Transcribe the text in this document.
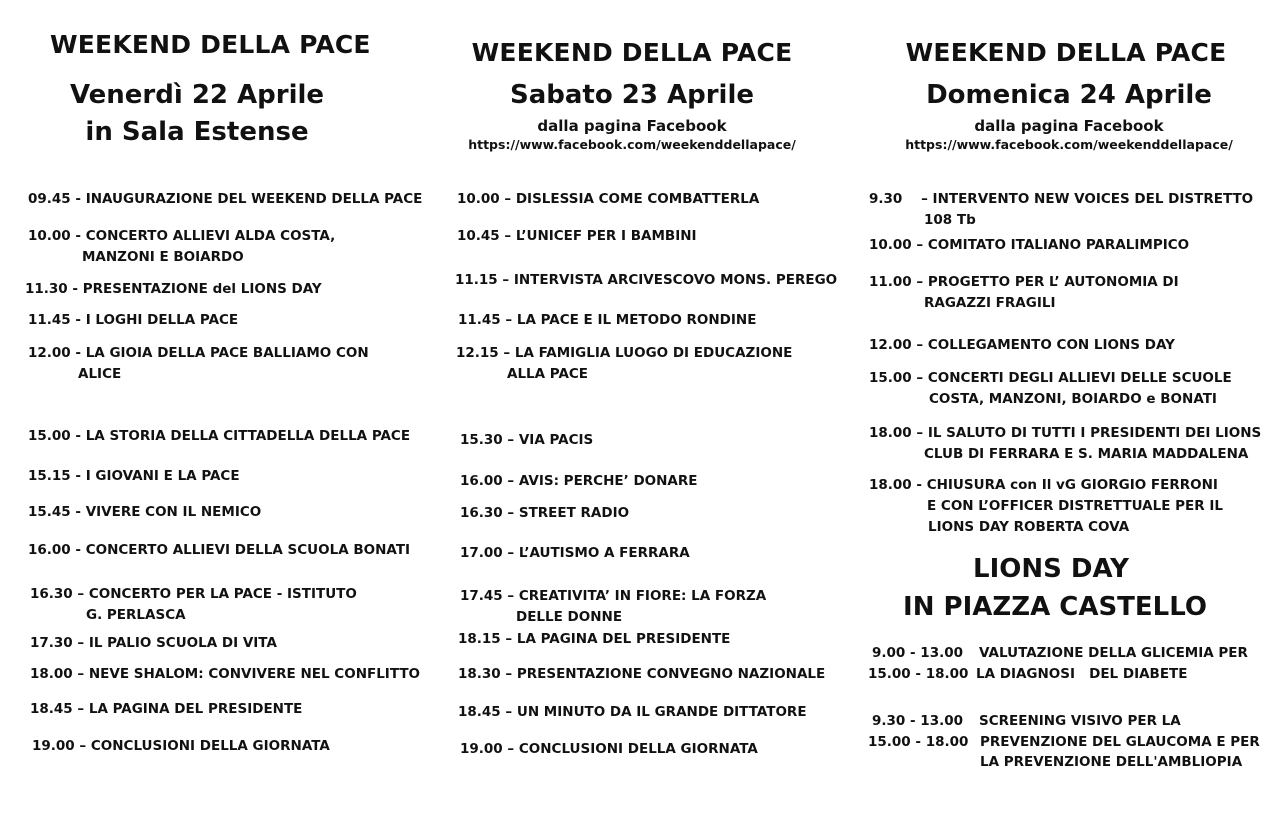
WEEKEND DELLA PACE
Venerdì 22 Aprile
in Sala Estense
09.45 - INAUGURAZIONE DEL WEEKEND DELLA PACE
10.00 - CONCERTO ALLIEVI ALDA COSTA,
MANZONI E BOIARDO
11.30 - PRESENTAZIONE del LIONS DAY
11.45 - I LOGHI DELLA PACE
12.00 - LA GIOIA DELLA PACE BALLIAMO CON
ALICE
15.00 - LA STORIA DELLA CITTADELLA DELLA PACE
15.15 - I GIOVANI E LA PACE
15.45 - VIVERE CON IL NEMICO
16.00 - CONCERTO ALLIEVI DELLA SCUOLA BONATI
16.30 – CONCERTO PER LA PACE - ISTITUTO
G. PERLASCA
17.30 – IL PALIO SCUOLA DI VITA
18.00 – NEVE SHALOM: CONVIVERE NEL CONFLITTO
18.45 – LA PAGINA DEL PRESIDENTE
19.00 – CONCLUSIONI DELLA GIORNATA
WEEKEND DELLA PACE
Sabato 23 Aprile
dalla pagina Facebook
https://www.facebook.com/weekenddellapace/
10.00 – DISLESSIA COME COMBATTERLA
10.45 – L’UNICEF PER I BAMBINI
11.15 – INTERVISTA ARCIVESCOVO MONS. PEREGO
11.45 – LA PACE E IL METODO RONDINE
12.15 – LA FAMIGLIA LUOGO DI EDUCAZIONE
ALLA PACE
15.30 – VIA PACIS
16.00 – AVIS: PERCHE’ DONARE
16.30 – STREET RADIO
17.00 – L’AUTISMO A FERRARA
17.45 – CREATIVITA’ IN FIORE: LA FORZA
DELLE DONNE
18.15 – LA PAGINA DEL PRESIDENTE
18.30 – PRESENTAZIONE CONVEGNO NAZIONALE
18.45 – UN MINUTO DA IL GRANDE DITTATORE
19.00 – CONCLUSIONI DELLA GIORNATA
WEEKEND DELLA PACE
Domenica 24 Aprile
dalla pagina Facebook
https://www.facebook.com/weekenddellapace/
9.30    – INTERVENTO NEW VOICES DEL DISTRETTO
108 Tb
10.00 – COMITATO ITALIANO PARALIMPICO
11.00 – PROGETTO PER L’ AUTONOMIA DI
RAGAZZI FRAGILI
12.00 – COLLEGAMENTO CON LIONS DAY
15.00 – CONCERTI DEGLI ALLIEVI DELLE SCUOLE
COSTA, MANZONI, BOIARDO e BONATI
18.00 – IL SALUTO DI TUTTI I PRESIDENTI DEI LIONS
CLUB DI FERRARA E S. MARIA MADDALENA
18.00 - CHIUSURA con Il vG GIORGIO FERRONI
E CON L’OFFICER DISTRETTUALE PER IL
LIONS DAY ROBERTA COVA
LIONS DAY
IN PIAZZA CASTELLO
9.00 - 13.00
15.00 - 18.00
VALUTAZIONE DELLA GLICEMIA PER
LA DIAGNOSI   DEL DIABETE
9.30 - 13.00
15.00 - 18.00
SCREENING VISIVO PER LA
PREVENZIONE DEL GLAUCOMA E PER
LA PREVENZIONE DELL'AMBLIOPIA
